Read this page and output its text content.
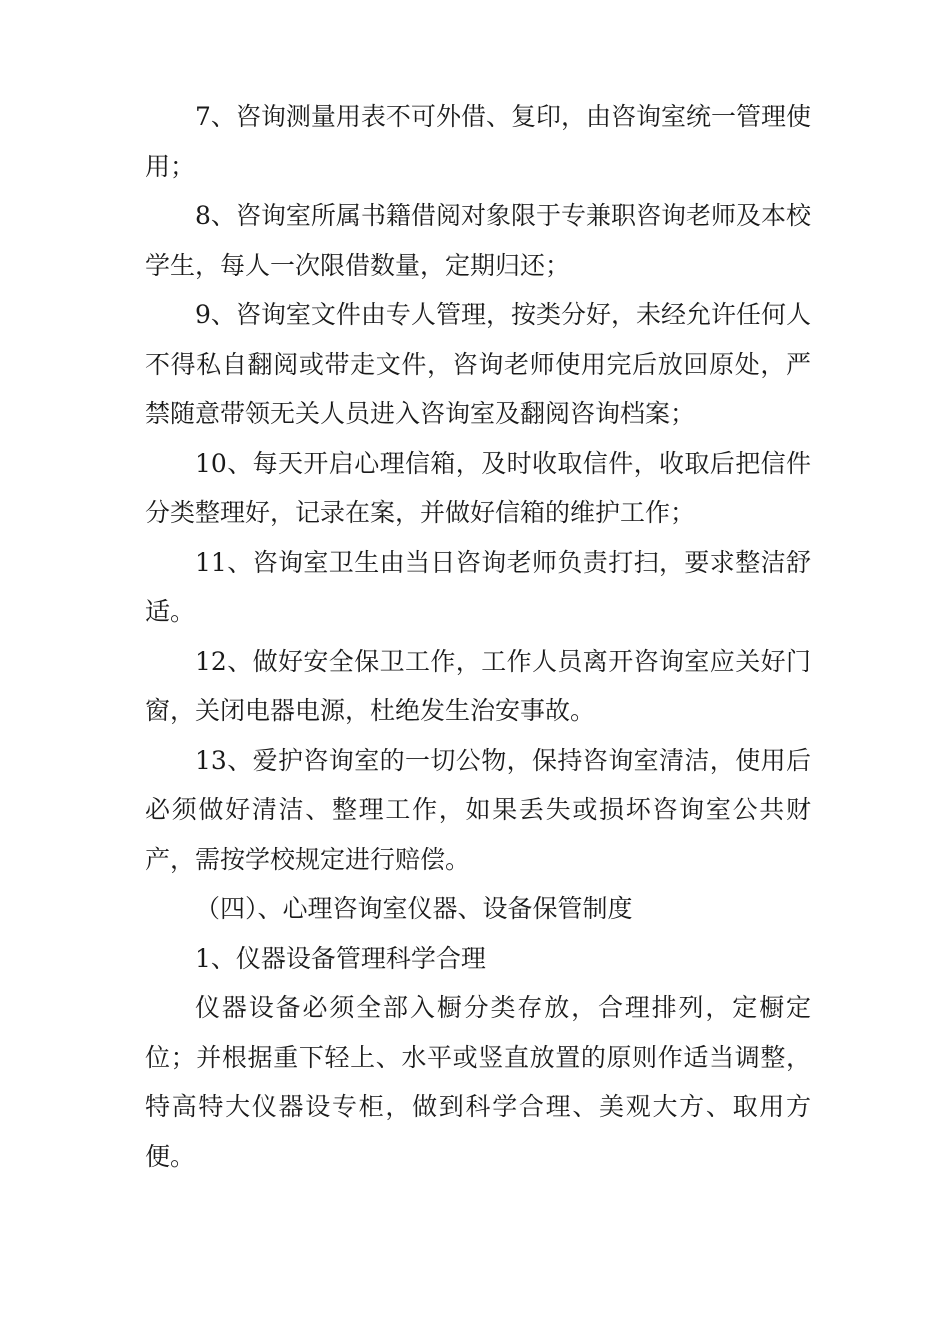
7、咨询测量用表不可外借、复印，由咨询室统一管理使用；

8、咨询室所属书籍借阅对象限于专兼职咨询老师及本校学生，每人一次限借数量，定期归还；

9、咨询室文件由专人管理，按类分好，未经允许任何人不得私自翻阅或带走文件，咨询老师使用完后放回原处，严禁随意带领无关人员进入咨询室及翻阅咨询档案；

10、每天开启心理信箱，及时收取信件，收取后把信件分类整理好，记录在案，并做好信箱的维护工作；

11、咨询室卫生由当日咨询老师负责打扫，要求整洁舒适。

12、做好安全保卫工作，工作人员离开咨询室应关好门窗，关闭电器电源，杜绝发生治安事故。

13、爱护咨询室的一切公物，保持咨询室清洁，使用后必须做好清洁、整理工作，如果丢失或损坏咨询室公共财产，需按学校规定进行赔偿。

（四）、心理咨询室仪器、设备保管制度

1、仪器设备管理科学合理

仪器设备必须全部入橱分类存放，合理排列，定橱定位；并根据重下轻上、水平或竖直放置的原则作适当调整，特高特大仪器设专柜，做到科学合理、美观大方、取用方便。
